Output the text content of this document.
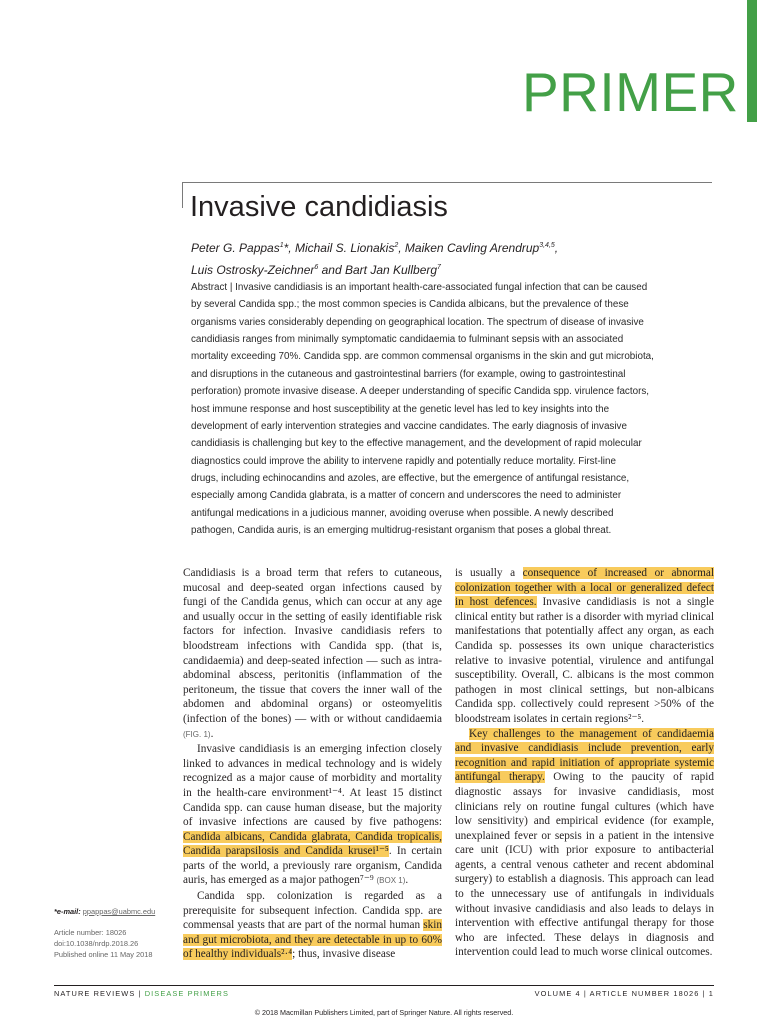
PRIMER
Invasive candidiasis
Peter G. Pappas$^1$*, Michail S. Lionakis$^2$, Maiken Cavling Arendrup$^{3,4,5}$,
Luis Ostrosky-Zeichner$^6$ and Bart Jan Kullberg$^7$

Abstract | Invasive candidiasis is an important health-care-associated fungal infection that can be caused
by several Candida spp.; the most common species is Candida albicans, but the prevalence of these
organisms varies considerably depending on geographical location. The spectrum of disease of invasive
candidiasis ranges from minimally symptomatic candidaemia to fulminant sepsis with an associated
mortality exceeding 70%. Candida spp. are common commensal organisms in the skin and gut microbiota,
and disruptions in the cutaneous and gastrointestinal barriers (for example, owing to gastrointestinal
perforation) promote invasive disease. A deeper understanding of specific Candida spp. virulence factors,
host immune response and host susceptibility at the genetic level has led to key insights into the
development of early intervention strategies and vaccine candidates. The early diagnosis of invasive
candidiasis is challenging but key to the effective management, and the development of rapid molecular
diagnostics could improve the ability to intervene rapidly and potentially reduce mortality. First-line
drugs, including echinocandins and azoles, are effective, but the emergence of antifungal resistance,
especially among Candida glabrata, is a matter of concern and underscores the need to administer
antifungal medications in a judicious manner, avoiding overuse when possible. A newly described
pathogen, Candida auris, is an emerging multidrug-resistant organism that poses a global threat.

Candidiasis is a broad term that refers to cutaneous, mucosal and deep-seated organ infections caused by fungi of the Candida genus, which can occur at any age and usually occur in the setting of easily identifiable risk factors for infection. Invasive candidiasis refers to bloodstream infections with Candida spp. (that is, candidaemia) and deep-seated infection — such as intra-abdominal abscess, peritonitis (inflammation of the peritoneum, the tissue that covers the inner wall of the abdomen and abdominal organs) or osteomyelitis (infection of the bones) — with or without candidaemia (FIG. 1).

Invasive candidiasis is an emerging infection closely linked to advances in medical technology and is widely recognized as a major cause of morbidity and mortality in the health-care environment¹⁻⁴. At least 15 distinct Candida spp. can cause human disease, but the majority of invasive infections are caused by five pathogens: Candida albicans, Candida glabrata, Candida tropicalis, Candida parapsilosis and Candida krusei¹⁻⁵. In certain parts of the world, a previously rare organism, Candida auris, has emerged as a major pathogen⁷⁻⁹ (BOX 1).

Candida spp. colonization is regarded as a prerequisite for subsequent infection. Candida spp. are commensal yeasts that are part of the normal human skin and gut microbiota, and they are detectable in up to 60% of healthy individuals²·⁴; thus, invasive disease

is usually a consequence of increased or abnormal colonization together with a local or generalized defect in host defences. Invasive candidiasis is not a single clinical entity but rather is a disorder with myriad clinical manifestations that potentially affect any organ, as each Candida sp. possesses its own unique characteristics relative to invasive potential, virulence and antifungal susceptibility. Overall, C. albicans is the most common pathogen in most clinical settings, but non-albicans Candida spp. collectively could represent >50% of the bloodstream isolates in certain regions²⁻⁵.

Key challenges to the management of candidaemia and invasive candidiasis include prevention, early recognition and rapid initiation of appropriate systemic antifungal therapy. Owing to the paucity of rapid diagnostic assays for invasive candidiasis, most clinicians rely on routine fungal cultures (which have low sensitivity) and empirical evidence (for example, unexplained fever or sepsis in a patient in the intensive care unit (ICU) with prior exposure to antibacterial agents, a central venous catheter and recent abdominal surgery) to establish a diagnosis. This approach can lead to the unnecessary use of antifungals in individuals without invasive candidiasis and also leads to delays in intervention with effective antifungal therapy for those who are infected. These delays in diagnosis and intervention could lead to much worse clinical outcomes.

*e-mail: ppappas@uabmc.edu
Article number: 18026
doi:10.1038/nrdp.2018.26
Published online 11 May 2018
NATURE REVIEWS | DISEASE PRIMERS	VOLUME 4 | ARTICLE NUMBER 18026 | 1
© 2018 Macmillan Publishers Limited, part of Springer Nature. All rights reserved.
